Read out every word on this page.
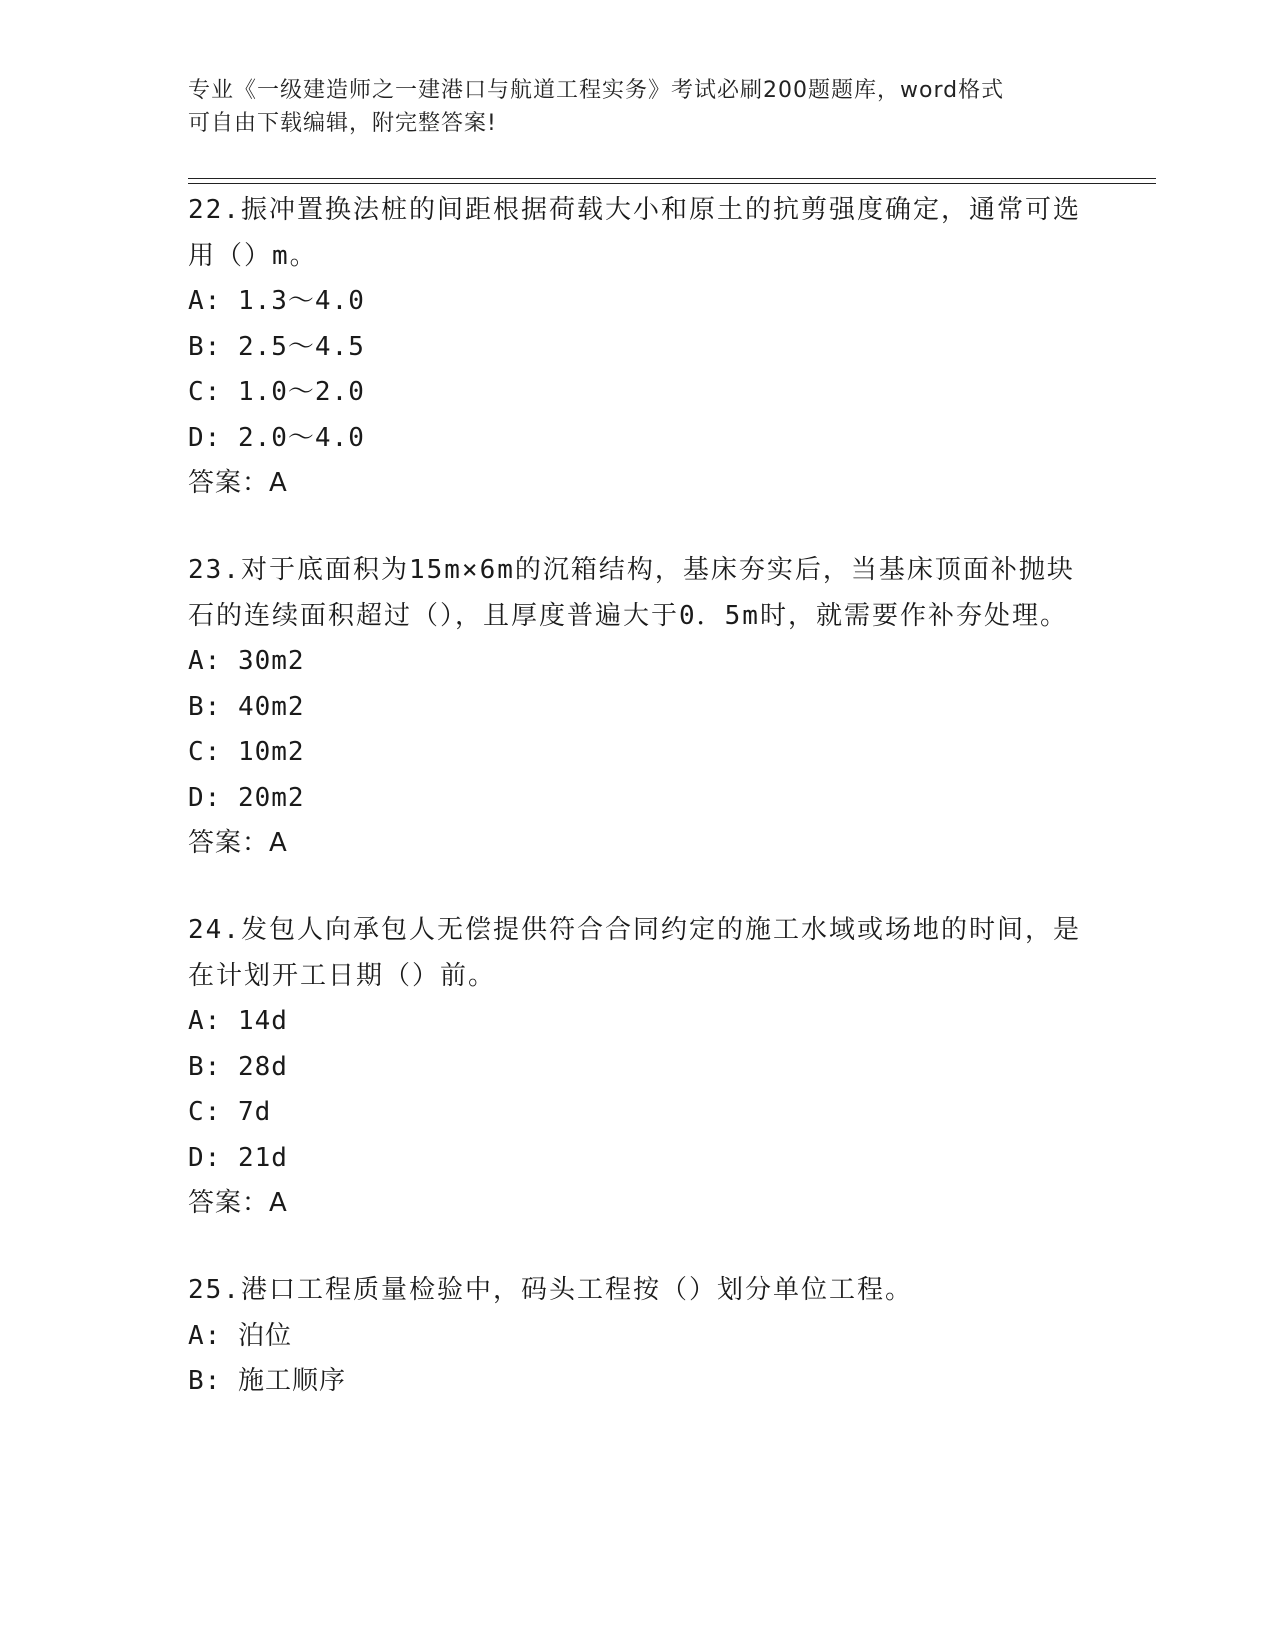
专业《一级建造师之一建港口与航道工程实务》考试必刷200题题库，word格式
可自由下载编辑，附完整答案!

22.振冲置换法桩的间距根据荷载大小和原土的抗剪强度确定，通常可选用（）m。

A: 1.3～4.0

B: 2.5～4.5

C: 1.0～2.0

D: 2.0～4.0

答案：A

23.对于底面积为15m×6m的沉箱结构，基床夯实后，当基床顶面补抛块石的连续面积超过（），且厚度普遍大于0．5m时，就需要作补夯处理。

A: 30m2

B: 40m2

C: 10m2

D: 20m2

答案：A

24.发包人向承包人无偿提供符合合同约定的施工水域或场地的时间，是在计划开工日期（）前。

A: 14d

B: 28d

C: 7d

D: 21d

答案：A

25.港口工程质量检验中，码头工程按（）划分单位工程。

A: 泊位

B: 施工顺序
